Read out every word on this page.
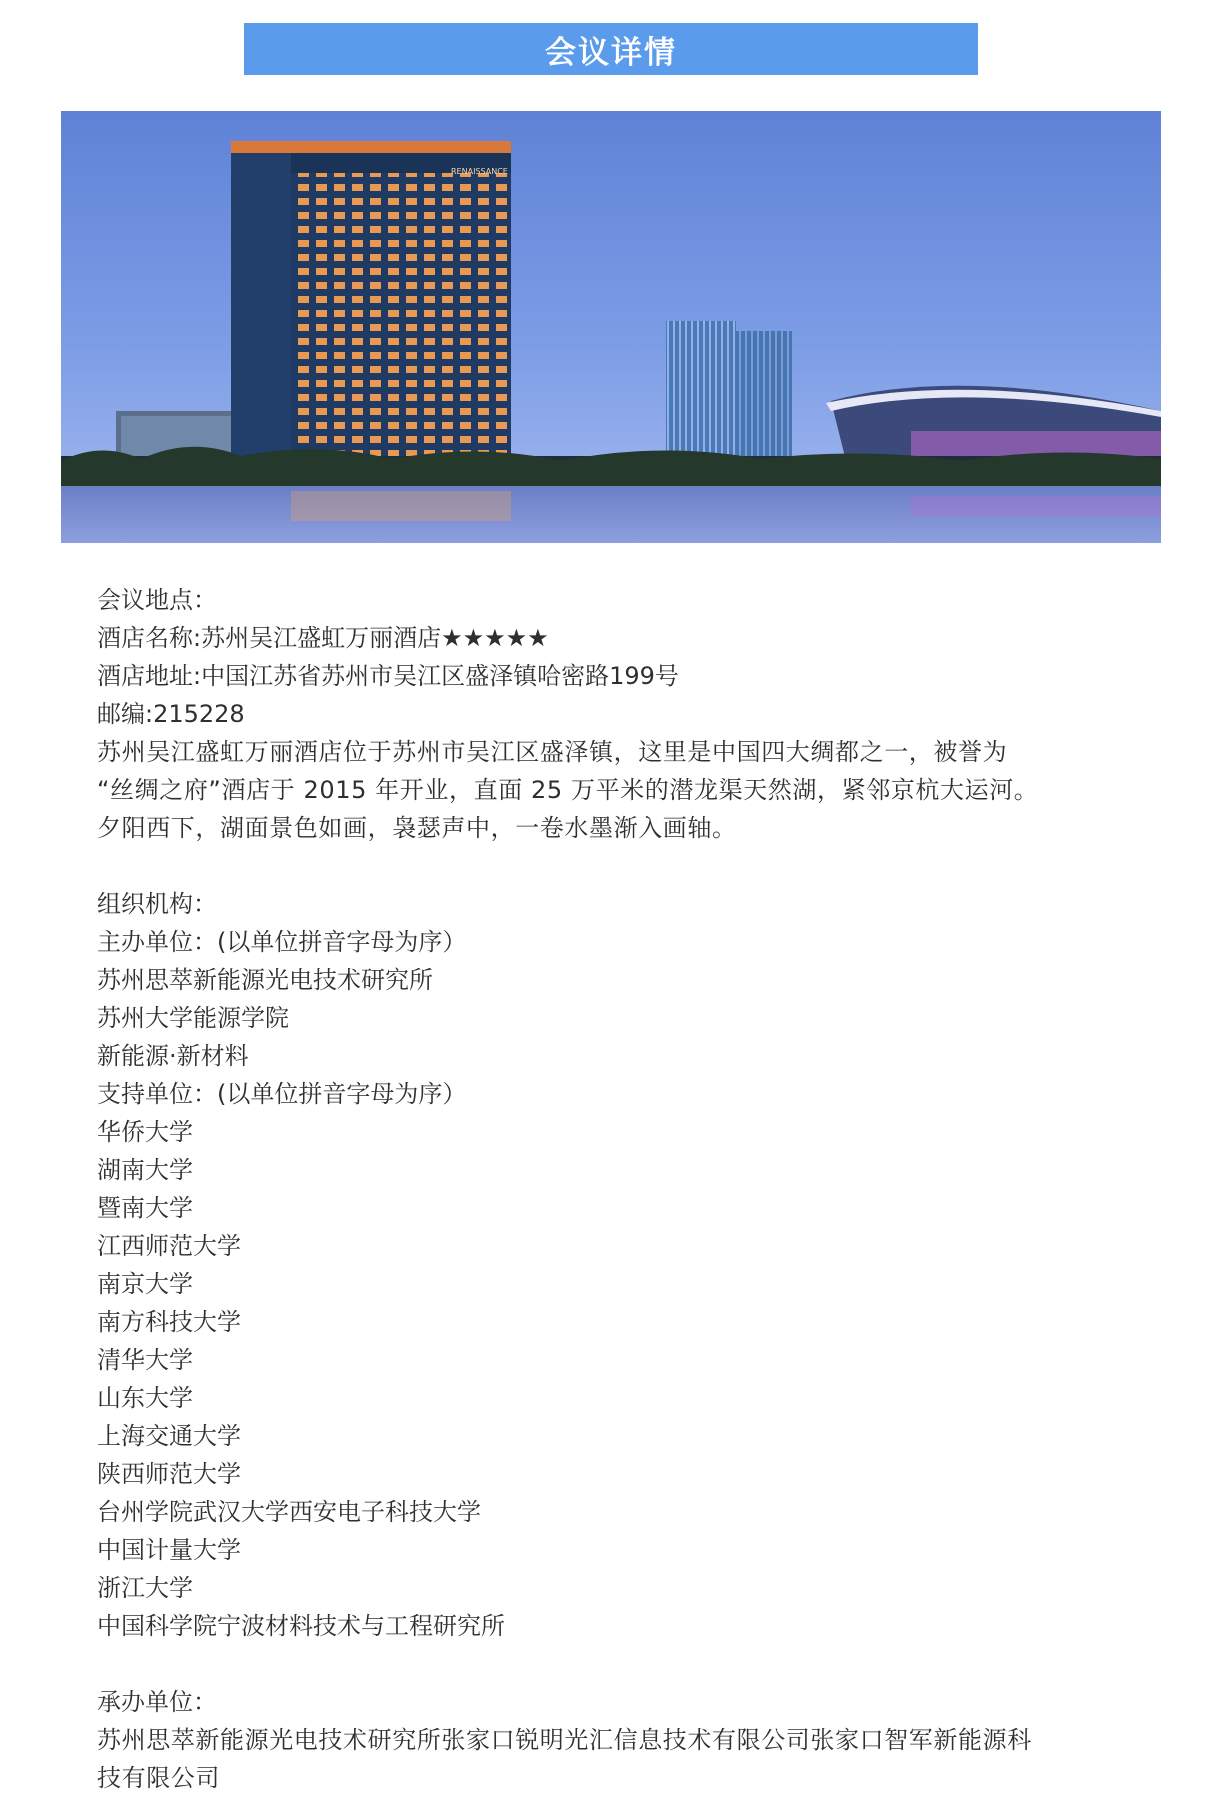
会议详情
RENAISSANCE
会议地点：
酒店名称:苏州吴江盛虹万丽酒店★★★★★
酒店地址:中国江苏省苏州市吴江区盛泽镇哈密路199号
邮编:215228
苏州吴江盛虹万丽酒店位于苏州市吴江区盛泽镇，这里是中国四大绸都之一，被誉为
“丝绸之府”酒店于 2015 年开业，直面 25 万平米的潜龙渠天然湖，紧邻京杭大运河。
夕阳西下，湖面景色如画，袅瑟声中，一卷水墨渐入画轴。
组织机构：
主办单位：(以单位拼音字母为序）
苏州思萃新能源光电技术研究所
苏州大学能源学院
新能源·新材料
支持单位：(以单位拼音字母为序）
华侨大学
湖南大学
暨南大学
江西师范大学
南京大学
南方科技大学
清华大学
山东大学
上海交通大学
陕西师范大学
台州学院武汉大学西安电子科技大学
中国计量大学
浙江大学
中国科学院宁波材料技术与工程研究所
承办单位：
苏州思萃新能源光电技术研究所张家口锐明光汇信息技术有限公司张家口智军新能源科
技有限公司
